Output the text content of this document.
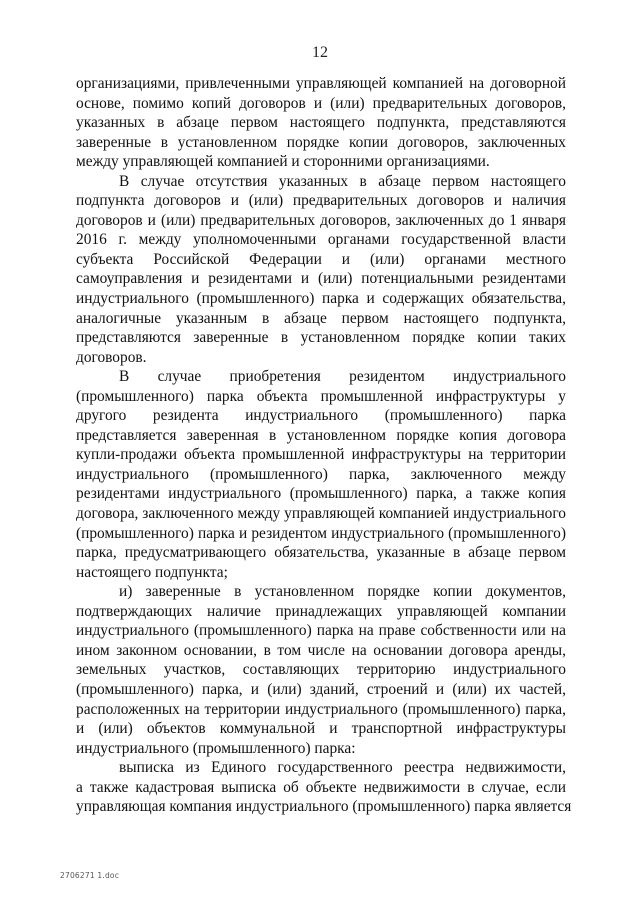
12
организациями, привлеченными управляющей компанией на договорной
основе, помимо копий договоров и (или) предварительных договоров,
указанных в абзаце первом настоящего подпункта, представляются
заверенные в установленном порядке копии договоров, заключенных
между управляющей компанией и сторонними организациями.
В случае отсутствия указанных в абзаце первом настоящего
подпункта договоров и (или) предварительных договоров и наличия
договоров и (или) предварительных договоров, заключенных до 1 января
2016 г. между уполномоченными органами государственной власти
субъекта Российской Федерации и (или) органами местного
самоуправления и резидентами и (или) потенциальными резидентами
индустриального (промышленного) парка и содержащих обязательства,
аналогичные указанным в абзаце первом настоящего подпункта,
представляются заверенные в установленном порядке копии таких
договоров.
В случае приобретения резидентом индустриального
(промышленного) парка объекта промышленной инфраструктуры у
другого резидента индустриального (промышленного) парка
представляется заверенная в установленном порядке копия договора
купли-продажи объекта промышленной инфраструктуры на территории
индустриального (промышленного) парка, заключенного между
резидентами индустриального (промышленного) парка, а также копия
договора, заключенного между управляющей компанией индустриального
(промышленного) парка и резидентом индустриального (промышленного)
парка, предусматривающего обязательства, указанные в абзаце первом
настоящего подпункта;
и) заверенные в установленном порядке копии документов,
подтверждающих наличие принадлежащих управляющей компании
индустриального (промышленного) парка на праве собственности или на
ином законном основании, в том числе на основании договора аренды,
земельных участков, составляющих территорию индустриального
(промышленного) парка, и (или) зданий, строений и (или) их частей,
расположенных на территории индустриального (промышленного) парка,
и (или) объектов коммунальной и транспортной инфраструктуры
индустриального (промышленного) парка:
выписка из Единого государственного реестра недвижимости,
а также кадастровая выписка об объекте недвижимости в случае, если
управляющая компания индустриального (промышленного) парка является
2706271 1.doc
